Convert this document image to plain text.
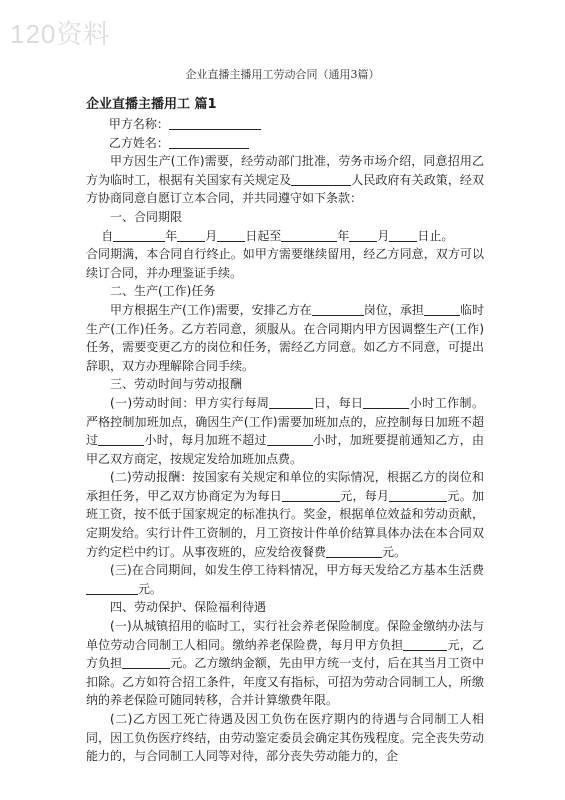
120资料
企业直播主播用工劳动合同（通用3篇）

企业直播主播用工 篇1

甲方名称：

乙方姓名：

甲方因生产(工作)需要，经劳动部门批准，劳务市场介绍，同意招用乙方为临时工，根据有关国家有关规定及	人民政府有关政策，经双方协商同意自愿订立本合同，并共同遵守如下条款：

一、合同期限

自	年 月 日起至	年 月 日止。

合同期满，本合同自行终止。如甲方需要继续留用，经乙方同意，双方可以续订合同，并办理鉴证手续。

二、生产(工作)任务

甲方根据生产(工作)需要，安排乙方在	岗位，承担	临时生产(工作)任务。乙方若同意，须服从。在合同期内甲方因调整生产(工作)任务，需要变更乙方的岗位和任务，需经乙方同意。如乙方不同意，可提出辞职，双方办理解除合同手续。

三、劳动时间与劳动报酬

(一)劳动时间：甲方实行每周	日，每日	小时工作制。严格控制加班加点，确因生产(工作)需要加班加点的，应控制每日加班不超过	小时，每月加班不超过	小时，加班要提前通知乙方，由甲乙双方商定，按规定发给加班加点费。

(二)劳动报酬：按国家有关规定和单位的实际情况，根据乙方的岗位和承担任务，甲乙双方协商定为为每日	元，每月	元。加班工资，按不低于国家规定的标准执行。奖金，根据单位效益和劳动贡献，定期发给。实行计件工资制的，月工资按计件单价结算具体办法在本合同双方约定栏中约订。从事夜班的，应发给夜餐费	元。

(三)在合同期间，如发生停工待料情况，甲方每天发给乙方基本生活费元。

四、劳动保护、保险福利待遇

(一)从城镇招用的临时工，实行社会养老保险制度。保险金缴纳办法与单位劳动合同制工人相同。缴纳养老保险费，每月甲方负担	元，乙方负担	元。乙方缴纳金额，先由甲方统一支付，后在其当月工资中扣除。乙方如符合招工条件，年度又有指标，可招为劳动合同制工人，所缴纳的养老保险可随同转移，合并计算缴费年限。

(二)乙方因工死亡待遇及因工负伤在医疗期内的待遇与合同制工人相同，因工负伤医疗终结，由劳动鉴定委员会确定其伤残程度。完全丧失劳动能力的，与合同制工人同等对待，部分丧失劳动能力的，企
